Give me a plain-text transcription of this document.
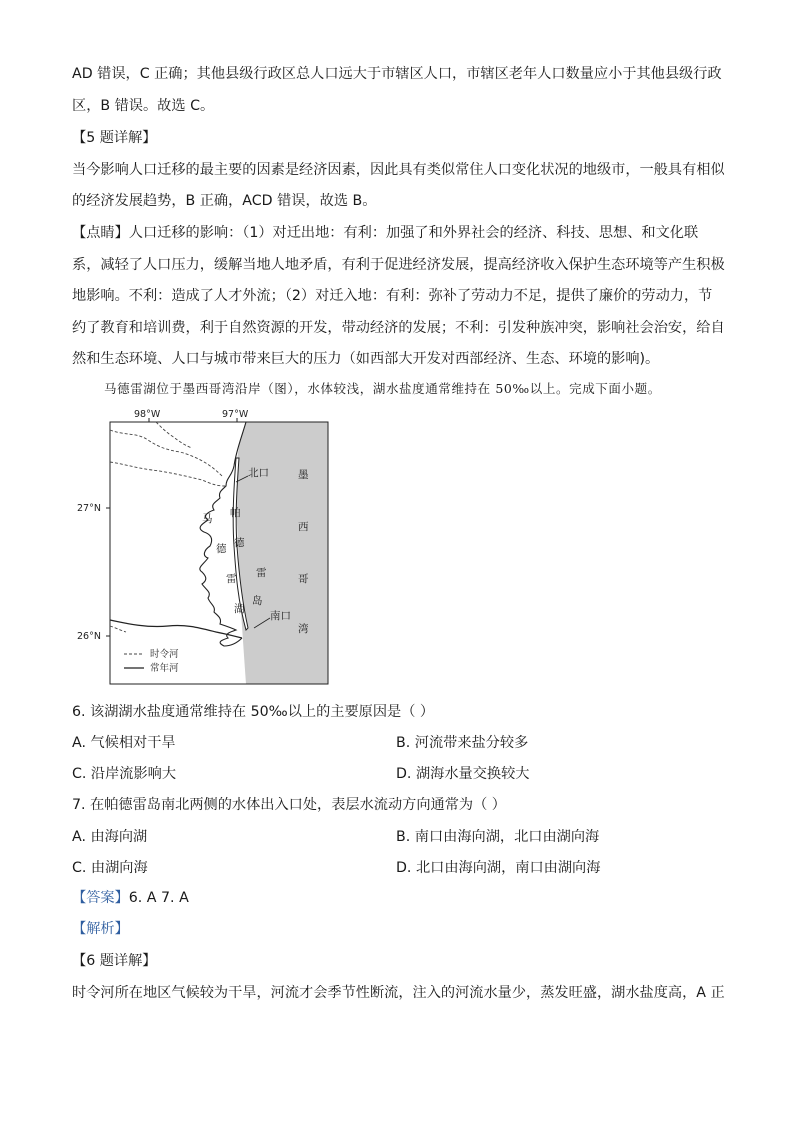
AD 错误，C 正确；其他县级行政区总人口远大于市辖区人口，市辖区老年人口数量应小于其他县级行政
区，B 错误。故选 C。
【5 题详解】
当今影响人口迁移的最主要的因素是经济因素，因此具有类似常住人口变化状况的地级市，一般具有相似
的经济发展趋势，B 正确，ACD 错误，故选 B。
【点睛】人口迁移的影响：（1）对迁出地：有利：加强了和外界社会的经济、科技、思想、和文化联
系，减轻了人口压力，缓解当地人地矛盾，有利于促进经济发展，提高经济收入保护生态环境等产生积极
地影响。不利：造成了人才外流；（2）对迁入地：有利：弥补了劳动力不足，提供了廉价的劳动力，节
约了教育和培训费，利于自然资源的开发，带动经济的发展；不利：引发种族冲突，影响社会治安，给自
然和生态环境、人口与城市带来巨大的压力（如西部大开发对西部经济、生态、环境的影响)。
马德雷湖位于墨西哥湾沿岸（图），水体较浅，湖水盐度通常维持在 50‰以上。完成下面小题。
98°W	97°W
27°N
26°N
北口
南口
墨
西
哥
湾
帕
德
雷
岛
马
德
雷
湖
时令河
常年河
6. 该湖湖水盐度通常维持在 50‰以上的主要原因是（ ）
A. 气候相对干旱	B. 河流带来盐分较多
C. 沿岸流影响大	D. 湖海水量交换较大
7. 在帕德雷岛南北两侧的水体出入口处，表层水流动方向通常为（ ）
A. 由海向湖	B. 南口由海向湖，北口由湖向海
C. 由湖向海	D. 北口由海向湖，南口由湖向海
【答案】6. A 7. A
【解析】
【6 题详解】
时令河所在地区气候较为干旱，河流才会季节性断流，注入的河流水量少，蒸发旺盛，湖水盐度高，A 正
